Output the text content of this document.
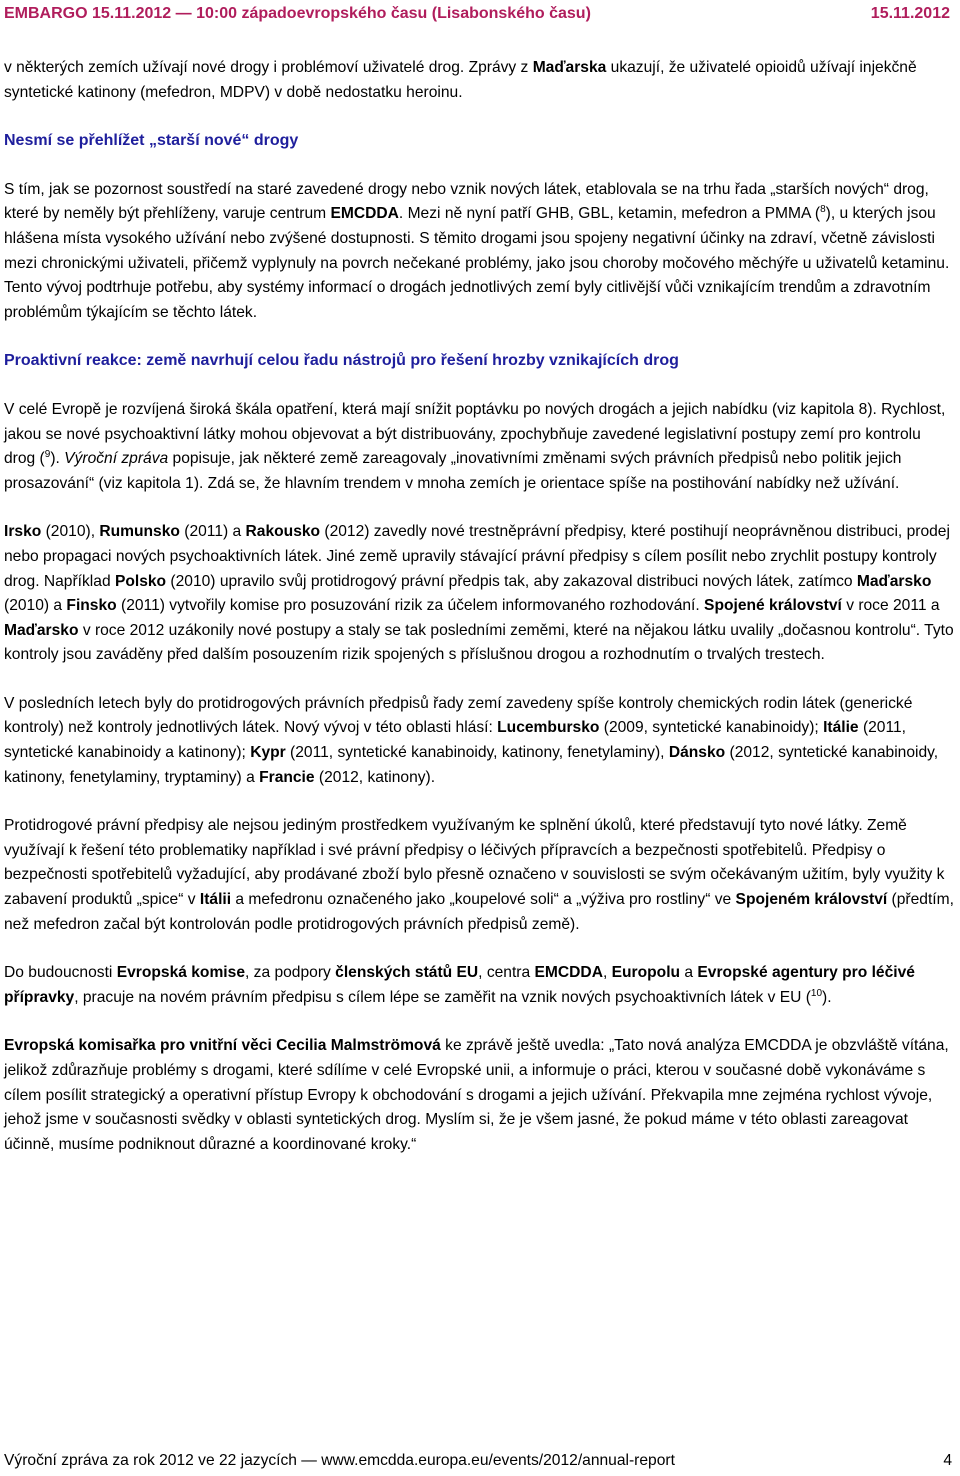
EMBARGO 15.11.2012 — 10:00 západoevropského času (Lisabonského času)	15.11.2012

v některých zemích užívají nové drogy i problémoví uživatelé drog. Zprávy z Maďarska ukazují, že uživatelé opioidů užívají injekčně syntetické katinony (mefedron, MDPV) v době nedostatku heroinu.

Nesmí se přehlížet „starší nové“ drogy

S tím, jak se pozornost soustředí na staré zavedené drogy nebo vznik nových látek, etablovala se na trhu řada „starších nových“ drog, které by neměly být přehlíženy, varuje centrum EMCDDA. Mezi ně nyní patří GHB, GBL, ketamin, mefedron a PMMA ($^8$), u kterých jsou hlášena místa vysokého užívání nebo zvýšené dostupnosti. S těmito drogami jsou spojeny negativní účinky na zdraví, včetně závislosti mezi chronickými uživateli, přičemž vyplynuly na povrch nečekané problémy, jako jsou choroby močového měchýře u uživatelů ketaminu. Tento vývoj podtrhuje potřebu, aby systémy informací o drogách jednotlivých zemí byly citlivější vůči vznikajícím trendům a zdravotním problémům týkajícím se těchto látek.

Proaktivní reakce: země navrhují celou řadu nástrojů pro řešení hrozby vznikajících drog

V celé Evropě je rozvíjená široká škála opatření, která mají snížit poptávku po nových drogách a jejich nabídku (viz kapitola 8). Rychlost, jakou se nové psychoaktivní látky mohou objevovat a být distribuovány, zpochybňuje zavedené legislativní postupy zemí pro kontrolu drog ($^9$). Výroční zpráva popisuje, jak některé země zareagovaly „inovativními změnami svých právních předpisů nebo politik jejich prosazování“ (viz kapitola 1). Zdá se, že hlavním trendem v mnoha zemích je orientace spíše na postihování nabídky než užívání.

Irsko (2010), Rumunsko (2011) a Rakousko (2012) zavedly nové trestněprávní předpisy, které postihují neoprávněnou distribuci, prodej nebo propagaci nových psychoaktivních látek. Jiné země upravily stávající právní předpisy s cílem posílit nebo zrychlit postupy kontroly drog. Například Polsko (2010) upravilo svůj protidrogový právní předpis tak, aby zakazoval distribuci nových látek, zatímco Maďarsko (2010) a Finsko (2011) vytvořily komise pro posuzování rizik za účelem informovaného rozhodování. Spojené království v roce 2011 a Maďarsko v roce 2012 uzákonily nové postupy a staly se tak posledními zeměmi, které na nějakou látku uvalily „dočasnou kontrolu“. Tyto kontroly jsou zaváděny před dalším posouzením rizik spojených s příslušnou drogou a rozhodnutím o trvalých trestech.

V posledních letech byly do protidrogových právních předpisů řady zemí zavedeny spíše kontroly chemických rodin látek (generické kontroly) než kontroly jednotlivých látek. Nový vývoj v této oblasti hlásí: Lucembursko (2009, syntetické kanabinoidy); Itálie (2011, syntetické kanabinoidy a katinony); Kypr (2011, syntetické kanabinoidy, katinony, fenetylaminy), Dánsko (2012, syntetické kanabinoidy, katinony, fenetylaminy, tryptaminy) a Francie (2012, katinony).

Protidrogové právní předpisy ale nejsou jediným prostředkem využívaným ke splnění úkolů, které představují tyto nové látky. Země využívají k řešení této problematiky například i své právní předpisy o léčivých přípravcích a bezpečnosti spotřebitelů. Předpisy o bezpečnosti spotřebitelů vyžadující, aby prodávané zboží bylo přesně označeno v souvislosti se svým očekávaným užitím, byly využity k zabavení produktů „spice“ v Itálii a mefedronu označeného jako „koupelové soli“ a „výživa pro rostliny“ ve Spojeném království (předtím, než mefedron začal být kontrolován podle protidrogových právních předpisů země).

Do budoucnosti Evropská komise, za podpory členských států EU, centra EMCDDA, Europolu a Evropské agentury pro léčivé přípravky, pracuje na novém právním předpisu s cílem lépe se zaměřit na vznik nových psychoaktivních látek v EU ($^{10}$).

Evropská komisařka pro vnitřní věci Cecilia Malmströmová ke zprávě ještě uvedla: „Tato nová analýza EMCDDA je obzvláště vítána, jelikož zdůrazňuje problémy s drogami, které sdílíme v celé Evropské unii, a informuje o práci, kterou v současné době vykonáváme s cílem posílit strategický a operativní přístup Evropy k obchodování s drogami a jejich užívání. Překvapila mne zejména rychlost vývoje, jehož jsme v současnosti svědky v oblasti syntetických drog. Myslím si, že je všem jasné, že pokud máme v této oblasti zareagovat účinně, musíme podniknout důrazné a koordinované kroky.“

Výroční zpráva za rok 2012 ve 22 jazycích — www.emcdda.europa.eu/events/2012/annual-report	4
